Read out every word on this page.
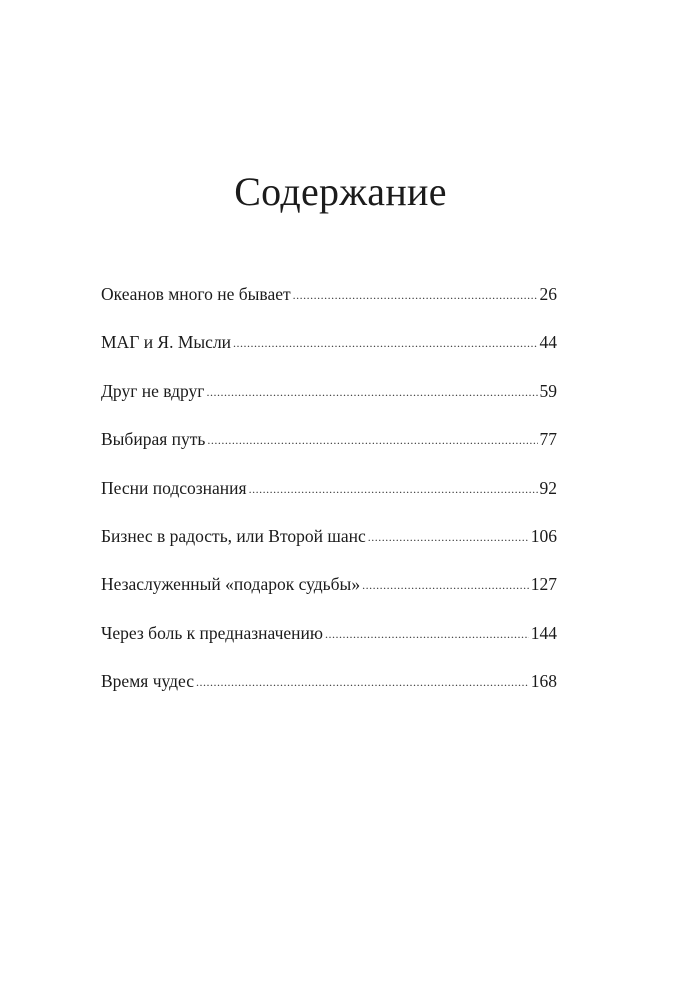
Содержание
Океанов много не бывает .....	26
МАГ и Я. Мысли .....	44
Друг не вдруг .....	59
Выбирая путь .....	77
Песни подсознания .....	92
Бизнес в радость, или Второй шанс .....	106
Незаслуженный «подарок судьбы» .....	127
Через боль к предназначению .....	144
Время чудес .....	168
